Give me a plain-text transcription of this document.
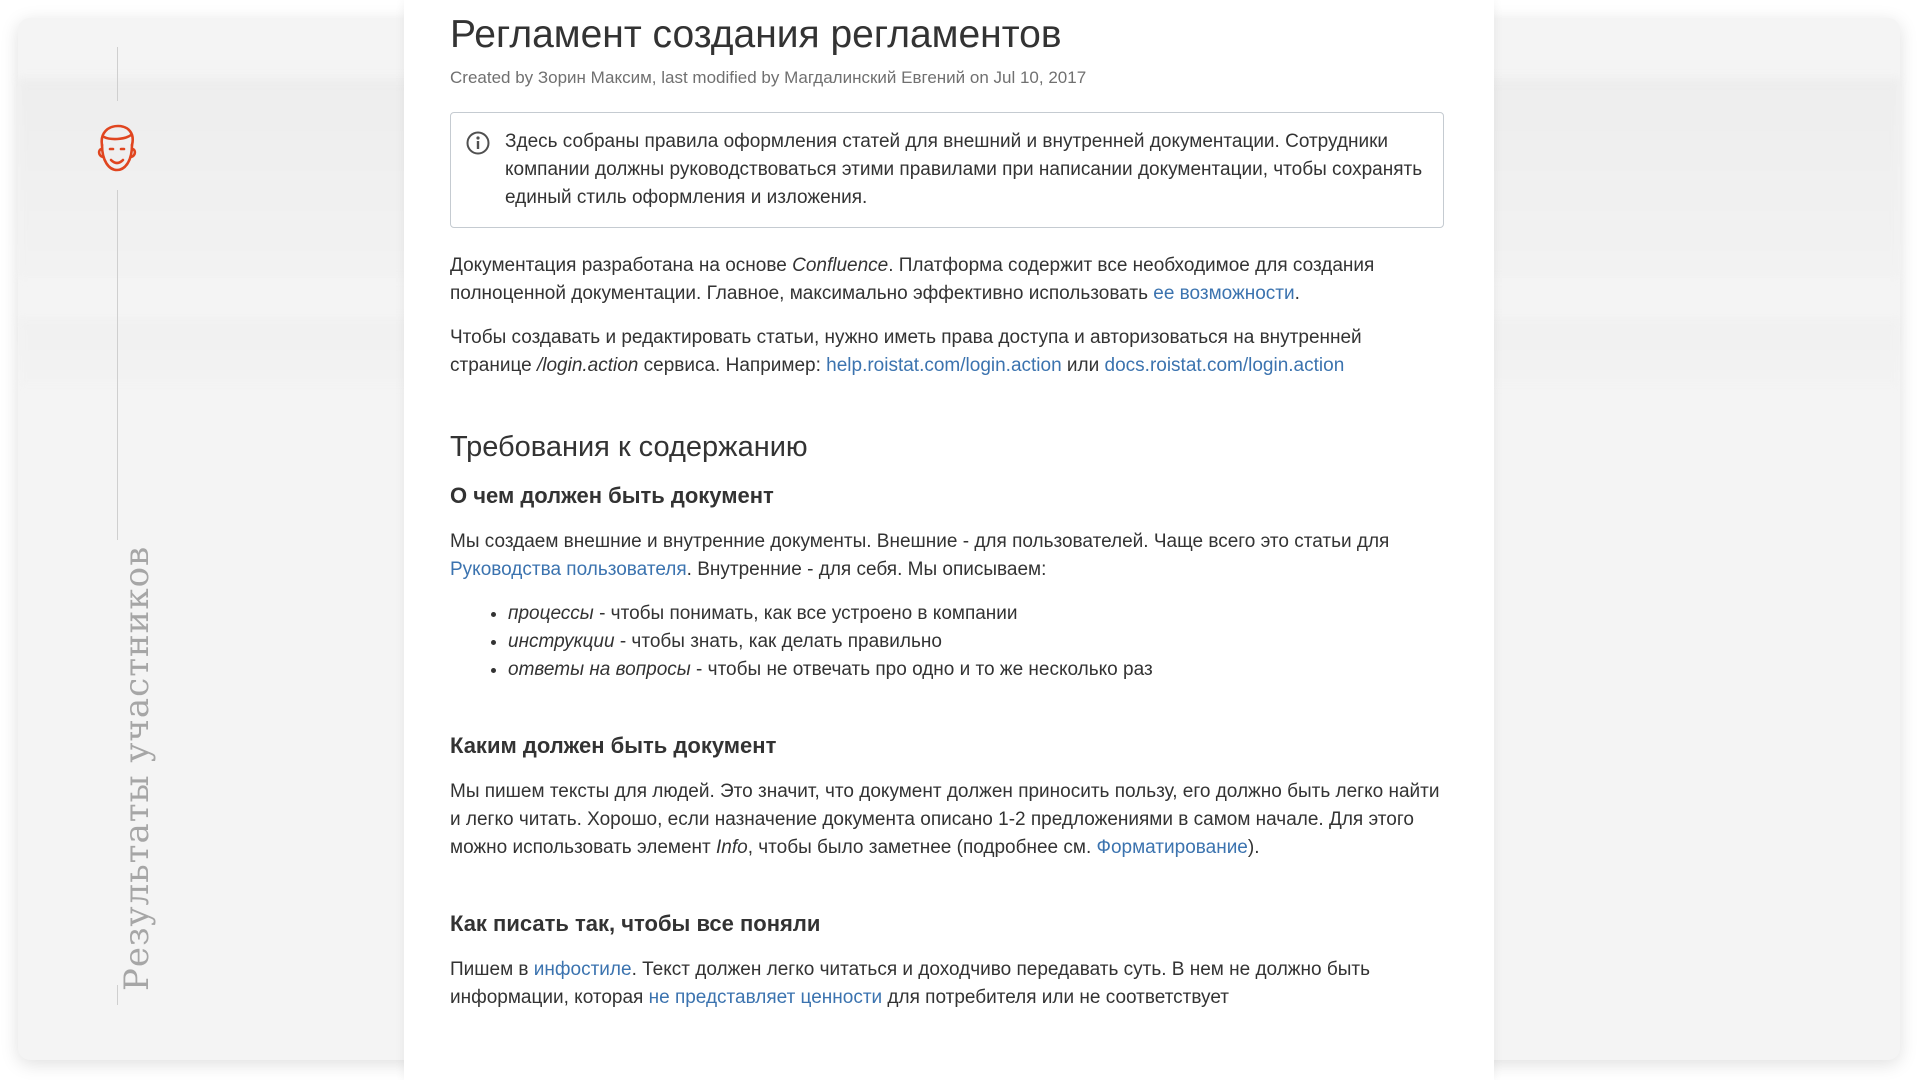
Результаты участников
Регламент создания регламентов
Created by Зорин Максим, last modified by Магдалинский Евгений on Jul 10, 2017
Здесь собраны правила оформления статей для внешний и внутренней документации. Сотрудники компании должны руководствоваться этими правилами при написании документации, чтобы сохранять единый стиль оформления и изложения.

Документация разработана на основе Confluence. Платформа содержит все необходимое для создания полноценной документации. Главное, максимально эффективно использовать ее возможности.

Чтобы создавать и редактировать статьи, нужно иметь права доступа и авторизоваться на внутренней странице /login.action сервиса. Например: help.roistat.com/login.action или docs.roistat.com/login.action

Требования к содержанию
О чем должен быть документ

Мы создаем внешние и внутренние документы. Внешние - для пользователей. Чаще всего это статьи для Руководства пользователя. Внутренние - для себя. Мы описываем:

• процессы - чтобы понимать, как все устроено в компании
• инструкции - чтобы знать, как делать правильно
• ответы на вопросы - чтобы не отвечать про одно и то же несколько раз
Каким должен быть документ

Мы пишем тексты для людей. Это значит, что документ должен приносить пользу, его должно быть легко найти и легко читать. Хорошо, если назначение документа описано 1-2 предложениями в самом начале. Для этого можно использовать элемент Info, чтобы было заметнее (подробнее см. Форматирование).

Как писать так, чтобы все поняли

Пишем в инфостиле. Текст должен легко читаться и доходчиво передавать суть. В нем не должно быть информации, которая не представляет ценности для потребителя или не соответствует
